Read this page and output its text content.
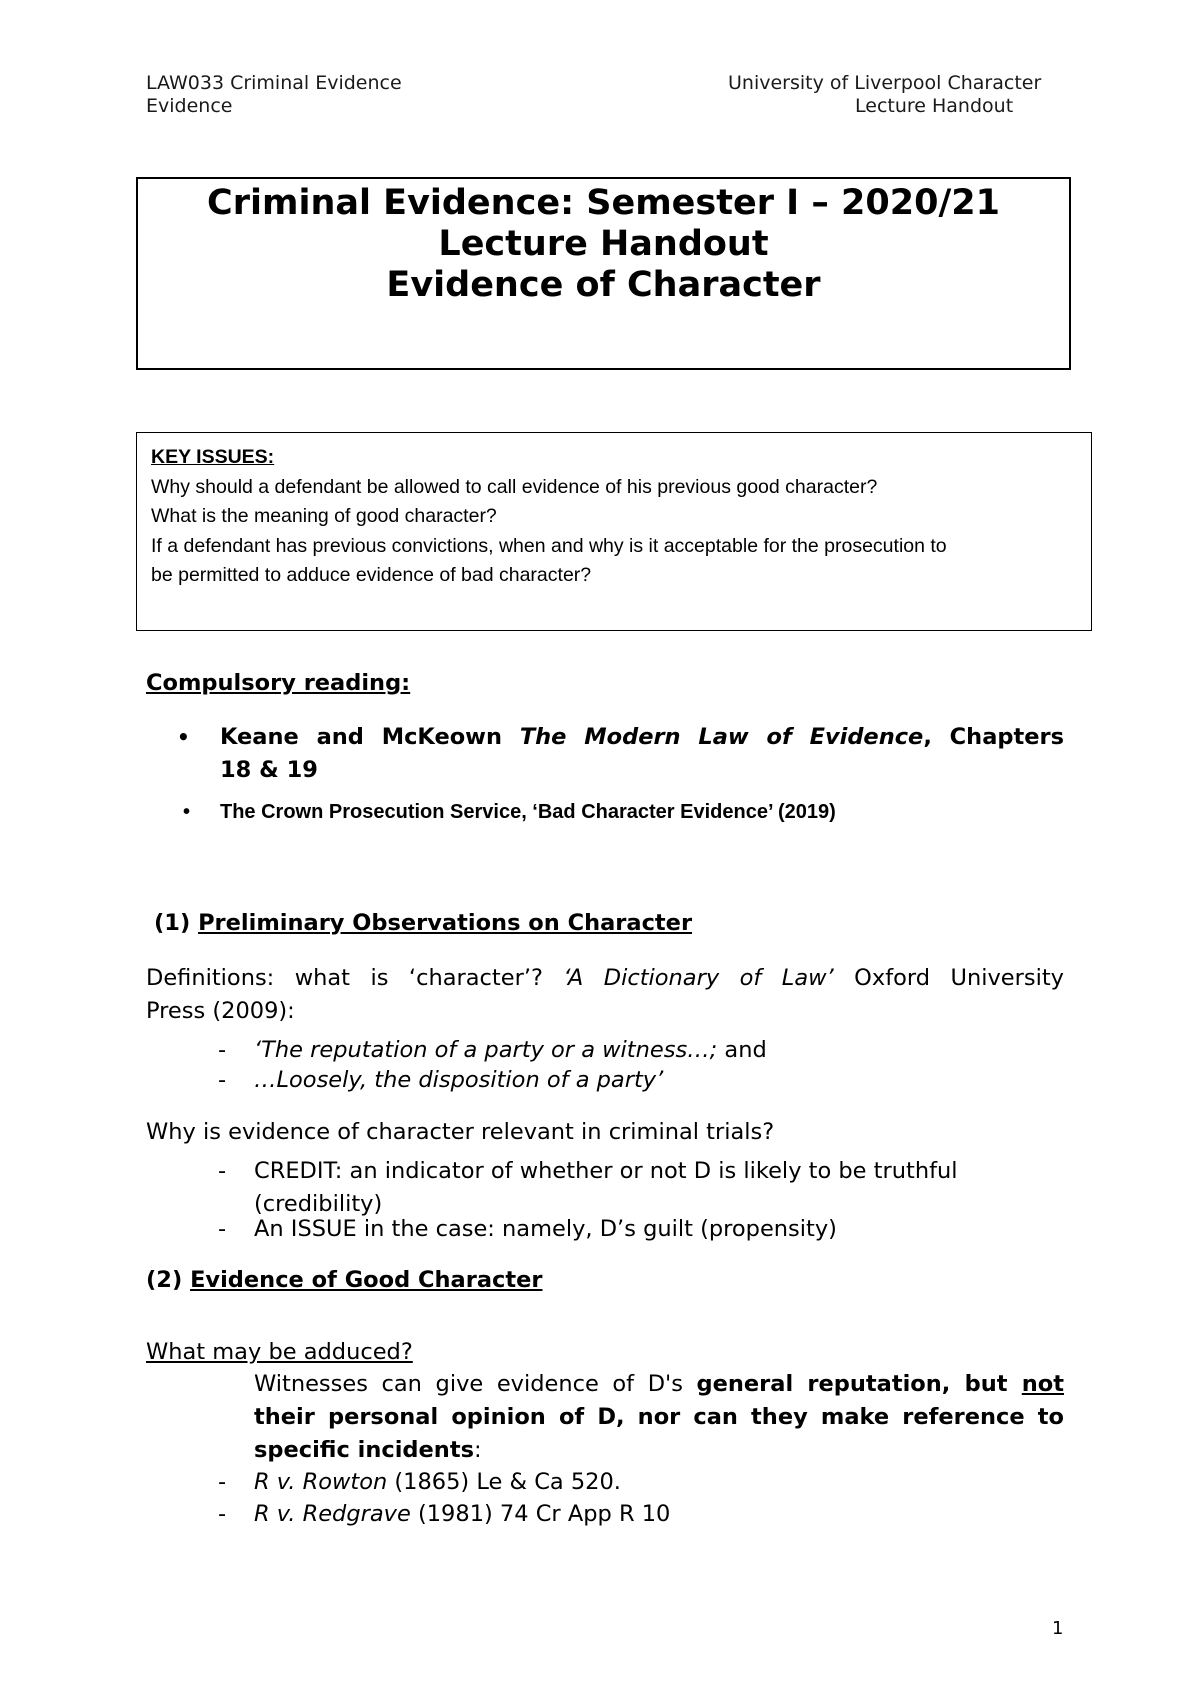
LAW033 Criminal Evidence
Evidence
University of Liverpool Character
Lecture Handout
Criminal Evidence: Semester I – 2020/21
Lecture Handout
Evidence of Character
KEY ISSUES:
Why should a defendant be allowed to call evidence of his previous good character?
What is the meaning of good character?
If a defendant has previous convictions, when and why is it acceptable for the prosecution to
be permitted to adduce evidence of bad character?
Compulsory reading:
• Keane and McKeown The Modern Law of Evidence, Chapters
18 & 19
• The Crown Prosecution Service, ‘Bad Character Evidence’ (2019)
(1) Preliminary Observations on Character
Definitions: what is ‘character’? ‘A Dictionary of Law’ Oxford University
Press (2009):
- ‘The reputation of a party or a witness…; and
- …Loosely, the disposition of a party’
Why is evidence of character relevant in criminal trials?
- CREDIT: an indicator of whether or not D is likely to be truthful
(credibility)
- An ISSUE in the case: namely, D’s guilt (propensity)
(2) Evidence of Good Character
What may be adduced?
Witnesses can give evidence of D's general reputation, but not
their personal opinion of D, nor can they make reference to
specific incidents:
- R v. Rowton (1865) Le & Ca 520.
- R v. Redgrave (1981) 74 Cr App R 10
1
